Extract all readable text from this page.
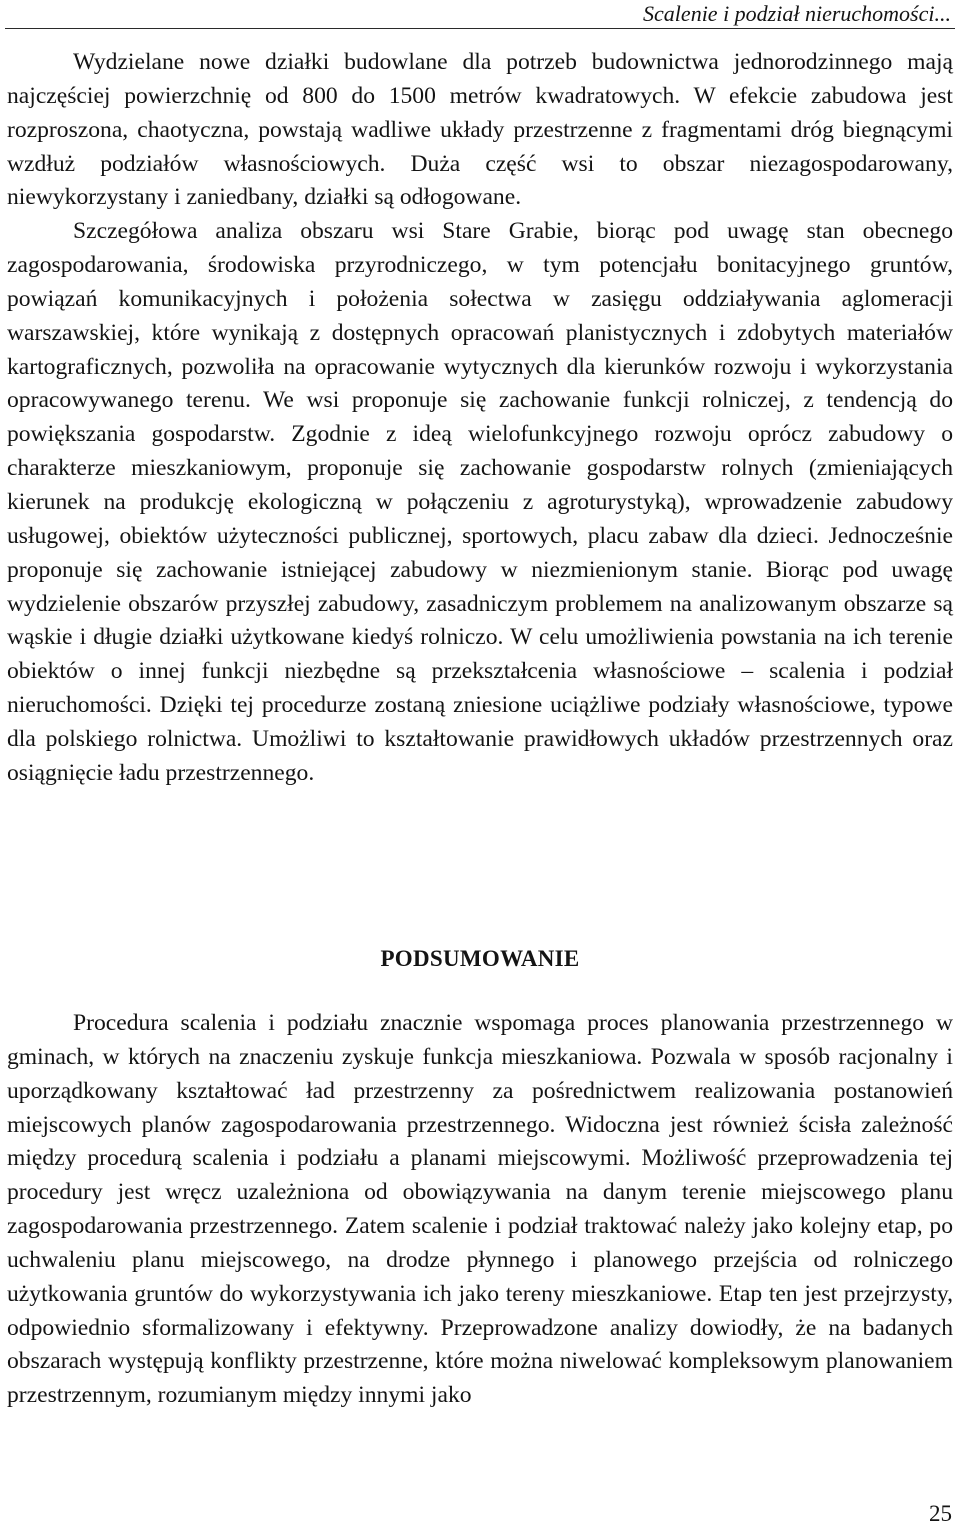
Scalenie i podział nieruchomości...

Wydzielane nowe działki budowlane dla potrzeb budownictwa jednorodzinnego mają najczęściej powierzchnię od 800 do 1500 metrów kwadratowych. W efekcie zabudowa jest rozproszona, chaotyczna, powstają wadliwe układy przestrzenne z fragmentami dróg biegnącymi wzdłuż podziałów własnościowych. Duża część wsi to obszar niezagospodarowany, niewykorzystany i zaniedbany, działki są odłogowane.

Szczegółowa analiza obszaru wsi Stare Grabie, biorąc pod uwagę stan obecnego zagospodarowania, środowiska przyrodniczego, w tym potencjału bonitacyjnego gruntów, powiązań komunikacyjnych i położenia sołectwa w zasięgu oddziaływania aglomeracji warszawskiej, które wynikają z dostępnych opracowań planistycznych i zdobytych materiałów kartograficznych, pozwoliła na opracowanie wytycznych dla kierunków rozwoju i wykorzystania opracowywanego terenu. We wsi proponuje się zachowanie funkcji rolniczej, z tendencją do powiększania gospodarstw. Zgodnie z ideą wielofunkcyjnego rozwoju oprócz zabudowy o charakterze mieszkaniowym, proponuje się zachowanie gospodarstw rolnych (zmieniających kierunek na produkcję ekologiczną w połączeniu z agroturystyką), wprowadzenie zabudowy usługowej, obiektów użyteczności publicznej, sportowych, placu zabaw dla dzieci. Jednocześnie proponuje się zachowanie istniejącej zabudowy w niezmienionym stanie. Biorąc pod uwagę wydzielenie obszarów przyszłej zabudowy, zasadniczym problemem na analizowanym obszarze są wąskie i długie działki użytkowane kiedyś rolniczo. W celu umożliwienia powstania na ich terenie obiektów o innej funkcji niezbędne są przekształcenia własnościowe – scalenia i podział nieruchomości. Dzięki tej procedurze zostaną zniesione uciążliwe podziały własnościowe, typowe dla polskiego rolnictwa. Umożliwi to kształtowanie prawidłowych układów przestrzennych oraz osiągnięcie ładu przestrzennego.

PODSUMOWANIE

Procedura scalenia i podziału znacznie wspomaga proces planowania przestrzennego w gminach, w których na znaczeniu zyskuje funkcja mieszkaniowa. Pozwala w sposób racjonalny i uporządkowany kształtować ład przestrzenny za pośrednictwem realizowania postanowień miejscowych planów zagospodarowania przestrzennego. Widoczna jest również ścisła zależność między procedurą scalenia i podziału a planami miejscowymi. Możliwość przeprowadzenia tej procedury jest wręcz uzależniona od obowiązywania na danym terenie miejscowego planu zagospodarowania przestrzennego. Zatem scalenie i podział traktować należy jako kolejny etap, po uchwaleniu planu miejscowego, na drodze płynnego i planowego przejścia od rolniczego użytkowania gruntów do wykorzystywania ich jako tereny mieszkaniowe. Etap ten jest przejrzysty, odpowiednio sformalizowany i efektywny. Przeprowadzone analizy dowiodły, że na badanych obszarach występują konflikty przestrzenne, które można niwelować kompleksowym planowaniem przestrzennym, rozumianym między innymi jako

25
